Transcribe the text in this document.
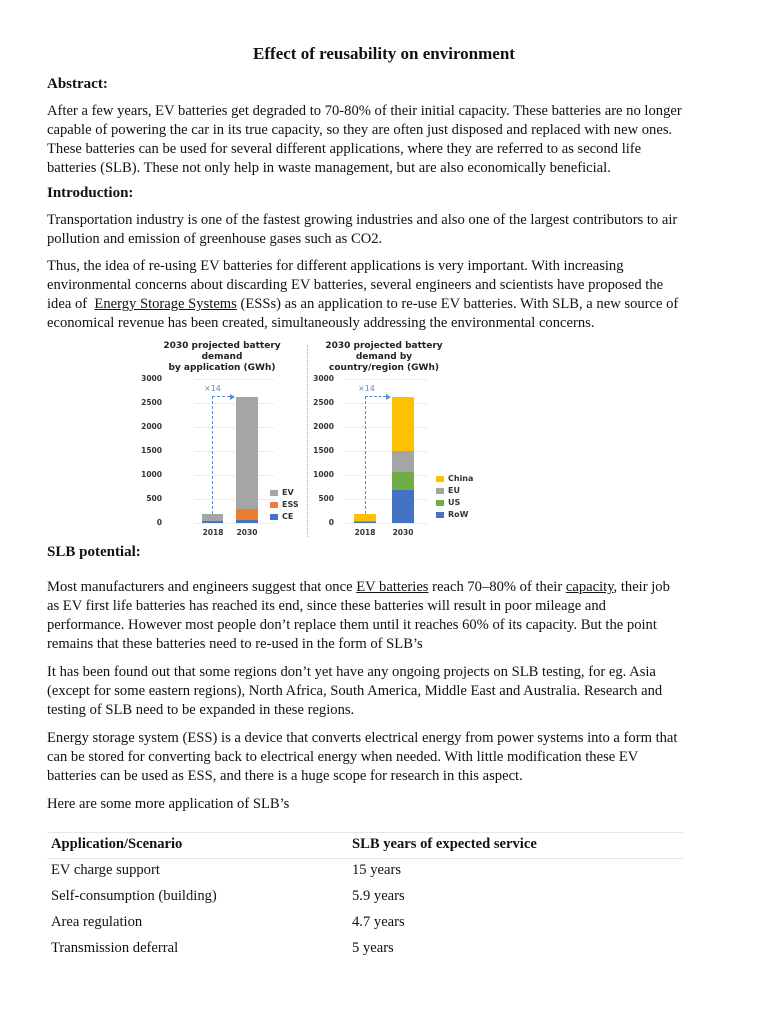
Effect of reusability on environment
Abstract:
After a few years, EV batteries get degraded to 70-80% of their initial capacity. These batteries are no longer
capable of powering the car in its true capacity, so they are often just disposed and replaced with new ones.
These batteries can be used for several different applications, where they are referred to as second life
batteries (SLB). These not only help in waste management, but are also economically beneficial.
Introduction:
Transportation industry is one of the fastest growing industries and also one of the largest contributors to air
pollution and emission of greenhouse gases such as CO2.
Thus, the idea of re-using EV batteries for different applications is very important. With increasing
environmental concerns about discarding EV batteries, several engineers and scientists have proposed the
idea of  Energy Storage Systems (ESSs) as an application to re-use EV batteries. With SLB, a new source of
economical revenue has been created, simultaneously addressing the environmental concerns.
2030 projected battery
demand
by application (GWh)
3000
2500
2000
1500
1000
500
0
×14
2018	2030
EV
ESS
CE
2030 projected battery
demand by
country/region (GWh)
3000
2500
2000
1500
1000
500
0
×14
2018	2030
China
EU
US
RoW
SLB potential:
Most manufacturers and engineers suggest that once EV batteries reach 70–80% of their capacity, their job
as EV first life batteries has reached its end, since these batteries will result in poor mileage and
performance. However most people don’t replace them until it reaches 60% of its capacity. But the point
remains that these batteries need to re-used in the form of SLB’s
It has been found out that some regions don’t yet have any ongoing projects on SLB testing, for eg. Asia
(except for some eastern regions), North Africa, South America, Middle East and Australia. Research and
testing of SLB need to be expanded in these regions.
Energy storage system (ESS) is a device that converts electrical energy from power systems into a form that
can be stored for converting back to electrical energy when needed. With little modification these EV
batteries can be used as ESS, and there is a huge scope for research in this aspect.
Here are some more application of SLB’s
Application/Scenario	SLB years of expected service
EV charge support	15 years
Self-consumption (building)	5.9 years
Area regulation	4.7 years
Transmission deferral	5 years
